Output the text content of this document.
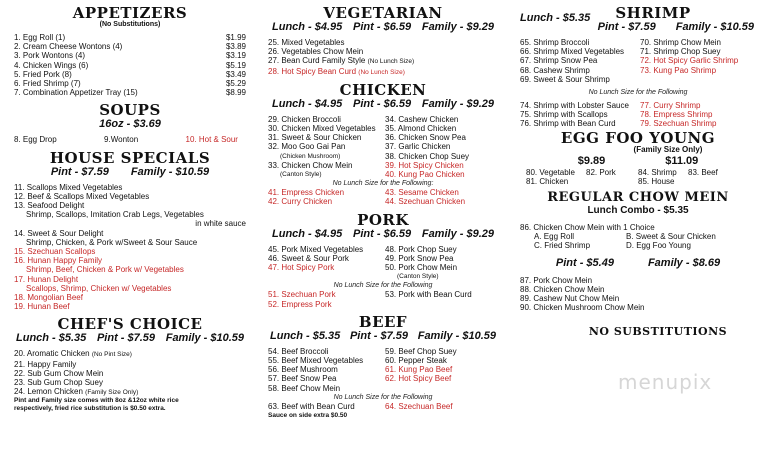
APPETIZERS
(No Substitutions)
1. Egg Roll (1)	$1.99
2. Cream Cheese Wontons (4)	$3.89
3. Pork Wontons (4)	$3.19
4. Chicken Wings (6)	$5.19
5. Fried Pork (8)	$3.49
6. Fried Shrimp (7)	$5.29
7. Combination Appetizer Tray (15)	$8.99
SOUPS
16oz - $3.69
8. Egg Drop	9.Wonton	10. Hot & Sour
HOUSE SPECIALS
Pint - $7.59 Family - $10.59
11. Scallops Mixed Vegetables
12. Beef & Scallops Mixed Vegetables
13. Seafood Delight
Shrimp, Scallops, Imitation Crab Legs, Vegetables
in white sauce
14. Sweet & Sour Delight
Shrimp, Chicken, & Pork w/Sweet & Sour Sauce
15. Szechuan Scallops
16. Hunan Happy Family
Shrimp, Beef, Chicken & Pork w/ Vegetables
17. Hunan Delight
Scallops, Shrimp, Chicken w/ Vegetables
18. Mongolian Beef
19. Hunan Beef
CHEF'S CHOICE
Lunch - $5.35 Pint - $7.59 Family - $10.59
20. Aromatic Chicken (No Pint Size)
21. Happy Family
22. Sub Gum Chow Mein
23. Sub Gum Chop Suey
24. Lemon Chicken (Family Size Only)
Pint and Family size comes with 8oz &12oz white rice
respectively, fried rice substitution is $0.50 extra.
VEGETARIAN
Lunch - $4.95 Pint - $6.59 Family - $9.29
25. Mixed Vegetables
26. Vegetables Chow Mein
27. Bean Curd Family Style (No Lunch Size)
28. Hot Spicy Bean Curd (No Lunch Size)
CHICKEN
Lunch - $4.95 Pint - $6.59 Family - $9.29
29. Chicken Broccoli
30. Chicken Mixed Vegetables
31. Sweet & Sour Chicken
32. Moo Goo Gai Pan
(Chicken Mushroom)
33. Chicken Chow Mein
(Canton Style)
34. Cashew Chicken
35. Almond Chicken
36. Chicken Snow Pea
37. Garlic Chicken
38. Chicken Chop Suey
39. Hot Spicy Chicken
40. Kung Pao Chicken
No Lunch Size for the Following:
41. Empress Chicken
42. Curry Chicken
43. Sesame Chicken
44. Szechuan Chicken
PORK
Lunch - $4.95 Pint - $6.59 Family - $9.29
45. Pork Mixed Vegetables
46. Sweet & Sour Pork
47. Hot Spicy Pork
48. Pork Chop Suey
49. Pork Snow Pea
50. Pork Chow Mein
(Canton Style)
No Lunch Size for the Following
51. Szechuan Pork
52. Empress Pork
53. Pork with Bean Curd
BEEF
Lunch - $5.35 Pint - $7.59 Family - $10.59
54. Beef Broccoli
55. Beef Mixed Vegetables
56. Beef Mushroom
57. Beef Snow Pea
58. Beef Chow Mein
59. Beef Chop Suey
60. Pepper Steak
61. Kung Pao Beef
62. Hot Spicy Beef
No Lunch Size for the Following
63. Beef with Bean Curd	64. Szechuan Beef
Sauce on side extra $0.50
Lunch - $5.35	SHRIMP
Pint - $7.59 Family - $10.59
65. Shrimp Broccoli
66. Shrimp Mixed Vegetables
67. Shrimp Snow Pea
68. Cashew Shrimp
69. Sweet & Sour Shrimp
70. Shrimp Chow Mein
71. Shrimp Chop Suey
72. Hot Spicy Garlic Shrimp
73. Kung Pao Shrimp
No Lunch Size for the Following
74. Shrimp with Lobster Sauce
75. Shrimp with Scallops
76. Shrimp with Bean Curd
77. Curry Shrimp
78. Empress Shrimp
79. Szechuan Shrimp
EGG FOO YOUNG
(Family Size Only)
$9.89	$11.09
80. Vegetable	82. Pork	84. Shrimp	83. Beef
81. Chicken	85. House
REGULAR CHOW MEIN
Lunch Combo - $5.35
86. Chicken Chow Mein with 1 Choice
A. Egg Roll	B. Sweet & Sour Chicken
C. Fried Shrimp	D. Egg Foo Young
Pint - $5.49	Family - $8.69
87. Pork Chow Mein
88. Chicken Chow Mein
89. Cashew Nut Chow Mein
90. Chicken Mushroom Chow Mein
NO SUBSTITUTIONS
menupix
